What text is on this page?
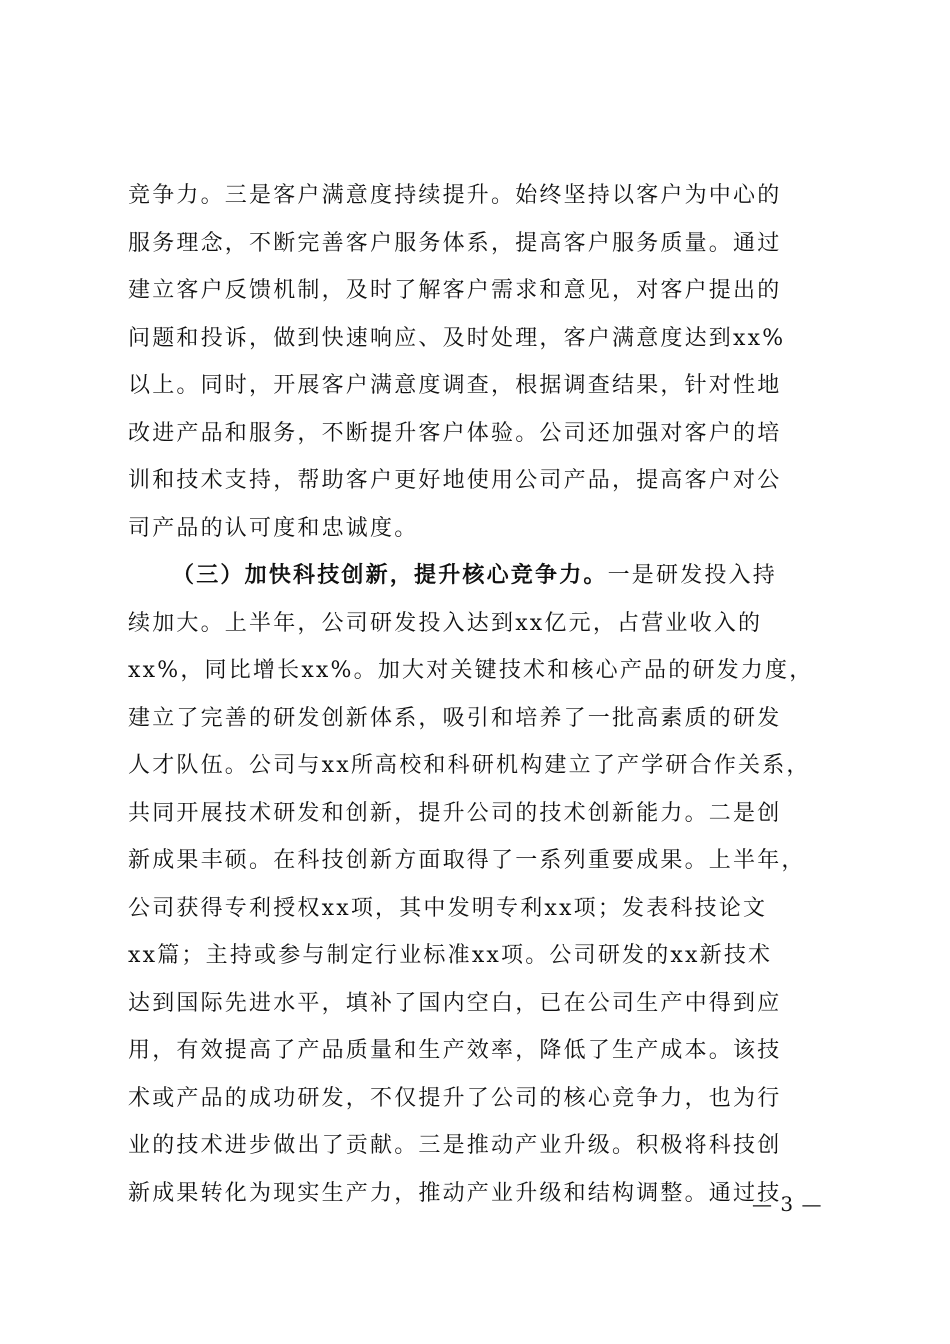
竞争力。三是客户满意度持续提升。始终坚持以客户为中心的
服务理念，不断完善客户服务体系，提高客户服务质量。通过
建立客户反馈机制，及时了解客户需求和意见，对客户提出的
问题和投诉，做到快速响应、及时处理，客户满意度达到xx%
以上。同时，开展客户满意度调查，根据调查结果，针对性地
改进产品和服务，不断提升客户体验。公司还加强对客户的培
训和技术支持，帮助客户更好地使用公司产品，提高客户对公
司产品的认可度和忠诚度。
（三）加快科技创新，提升核心竞争力。一是研发投入持
续加大。上半年，公司研发投入达到xx亿元，占营业收入的
xx%，同比增长xx%。加大对关键技术和核心产品的研发力度，
建立了完善的研发创新体系，吸引和培养了一批高素质的研发
人才队伍。公司与xx所高校和科研机构建立了产学研合作关系，
共同开展技术研发和创新，提升公司的技术创新能力。二是创
新成果丰硕。在科技创新方面取得了一系列重要成果。上半年，
公司获得专利授权xx项，其中发明专利xx项；发表科技论文
xx篇；主持或参与制定行业标准xx项。公司研发的xx新技术
达到国际先进水平，填补了国内空白，已在公司生产中得到应
用，有效提高了产品质量和生产效率，降低了生产成本。该技
术或产品的成功研发，不仅提升了公司的核心竞争力，也为行
业的技术进步做出了贡献。三是推动产业升级。积极将科技创
新成果转化为现实生产力，推动产业升级和结构调整。通过技
— 3 —
